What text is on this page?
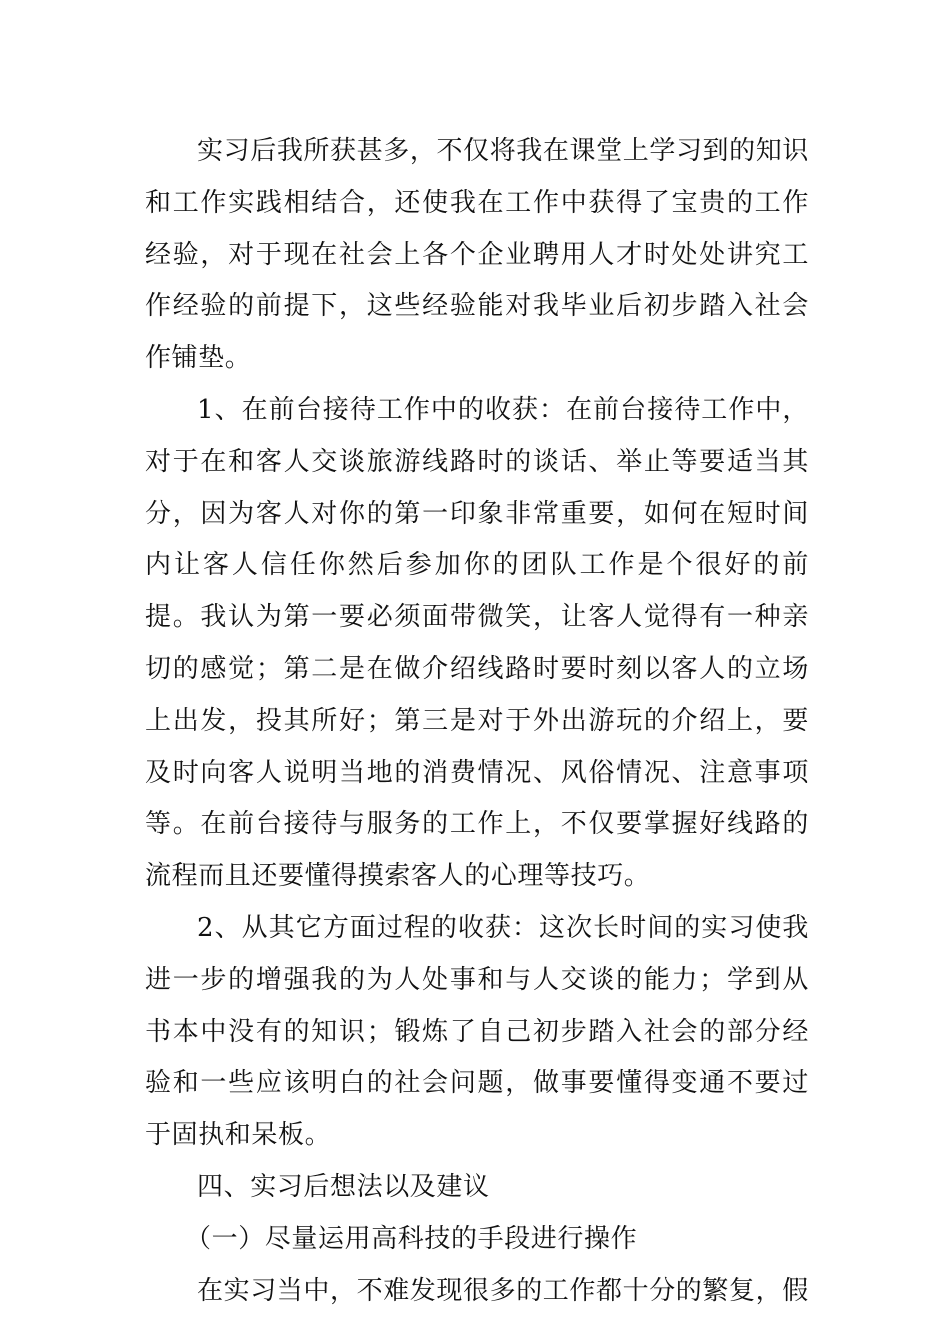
实习后我所获甚多，不仅将我在课堂上学习到的知识和工作实践相结合，还使我在工作中获得了宝贵的工作经验，对于现在社会上各个企业聘用人才时处处讲究工作经验的前提下，这些经验能对我毕业后初步踏入社会作铺垫。

1、在前台接待工作中的收获：在前台接待工作中，对于在和客人交谈旅游线路时的谈话、举止等要适当其分，因为客人对你的第一印象非常重要，如何在短时间内让客人信任你然后参加你的团队工作是个很好的前提。我认为第一要必须面带微笑，让客人觉得有一种亲切的感觉；第二是在做介绍线路时要时刻以客人的立场上出发，投其所好；第三是对于外出游玩的介绍上，要及时向客人说明当地的消费情况、风俗情况、注意事项等。在前台接待与服务的工作上，不仅要掌握好线路的流程而且还要懂得摸索客人的心理等技巧。

2、从其它方面过程的收获：这次长时间的实习使我进一步的增强我的为人处事和与人交谈的能力；学到从书本中没有的知识；锻炼了自己初步踏入社会的部分经验和一些应该明白的社会问题，做事要懂得变通不要过于固执和呆板。

四、实习后想法以及建议

（一）尽量运用高科技的手段进行操作

在实习当中，不难发现很多的工作都十分的繁复，假
